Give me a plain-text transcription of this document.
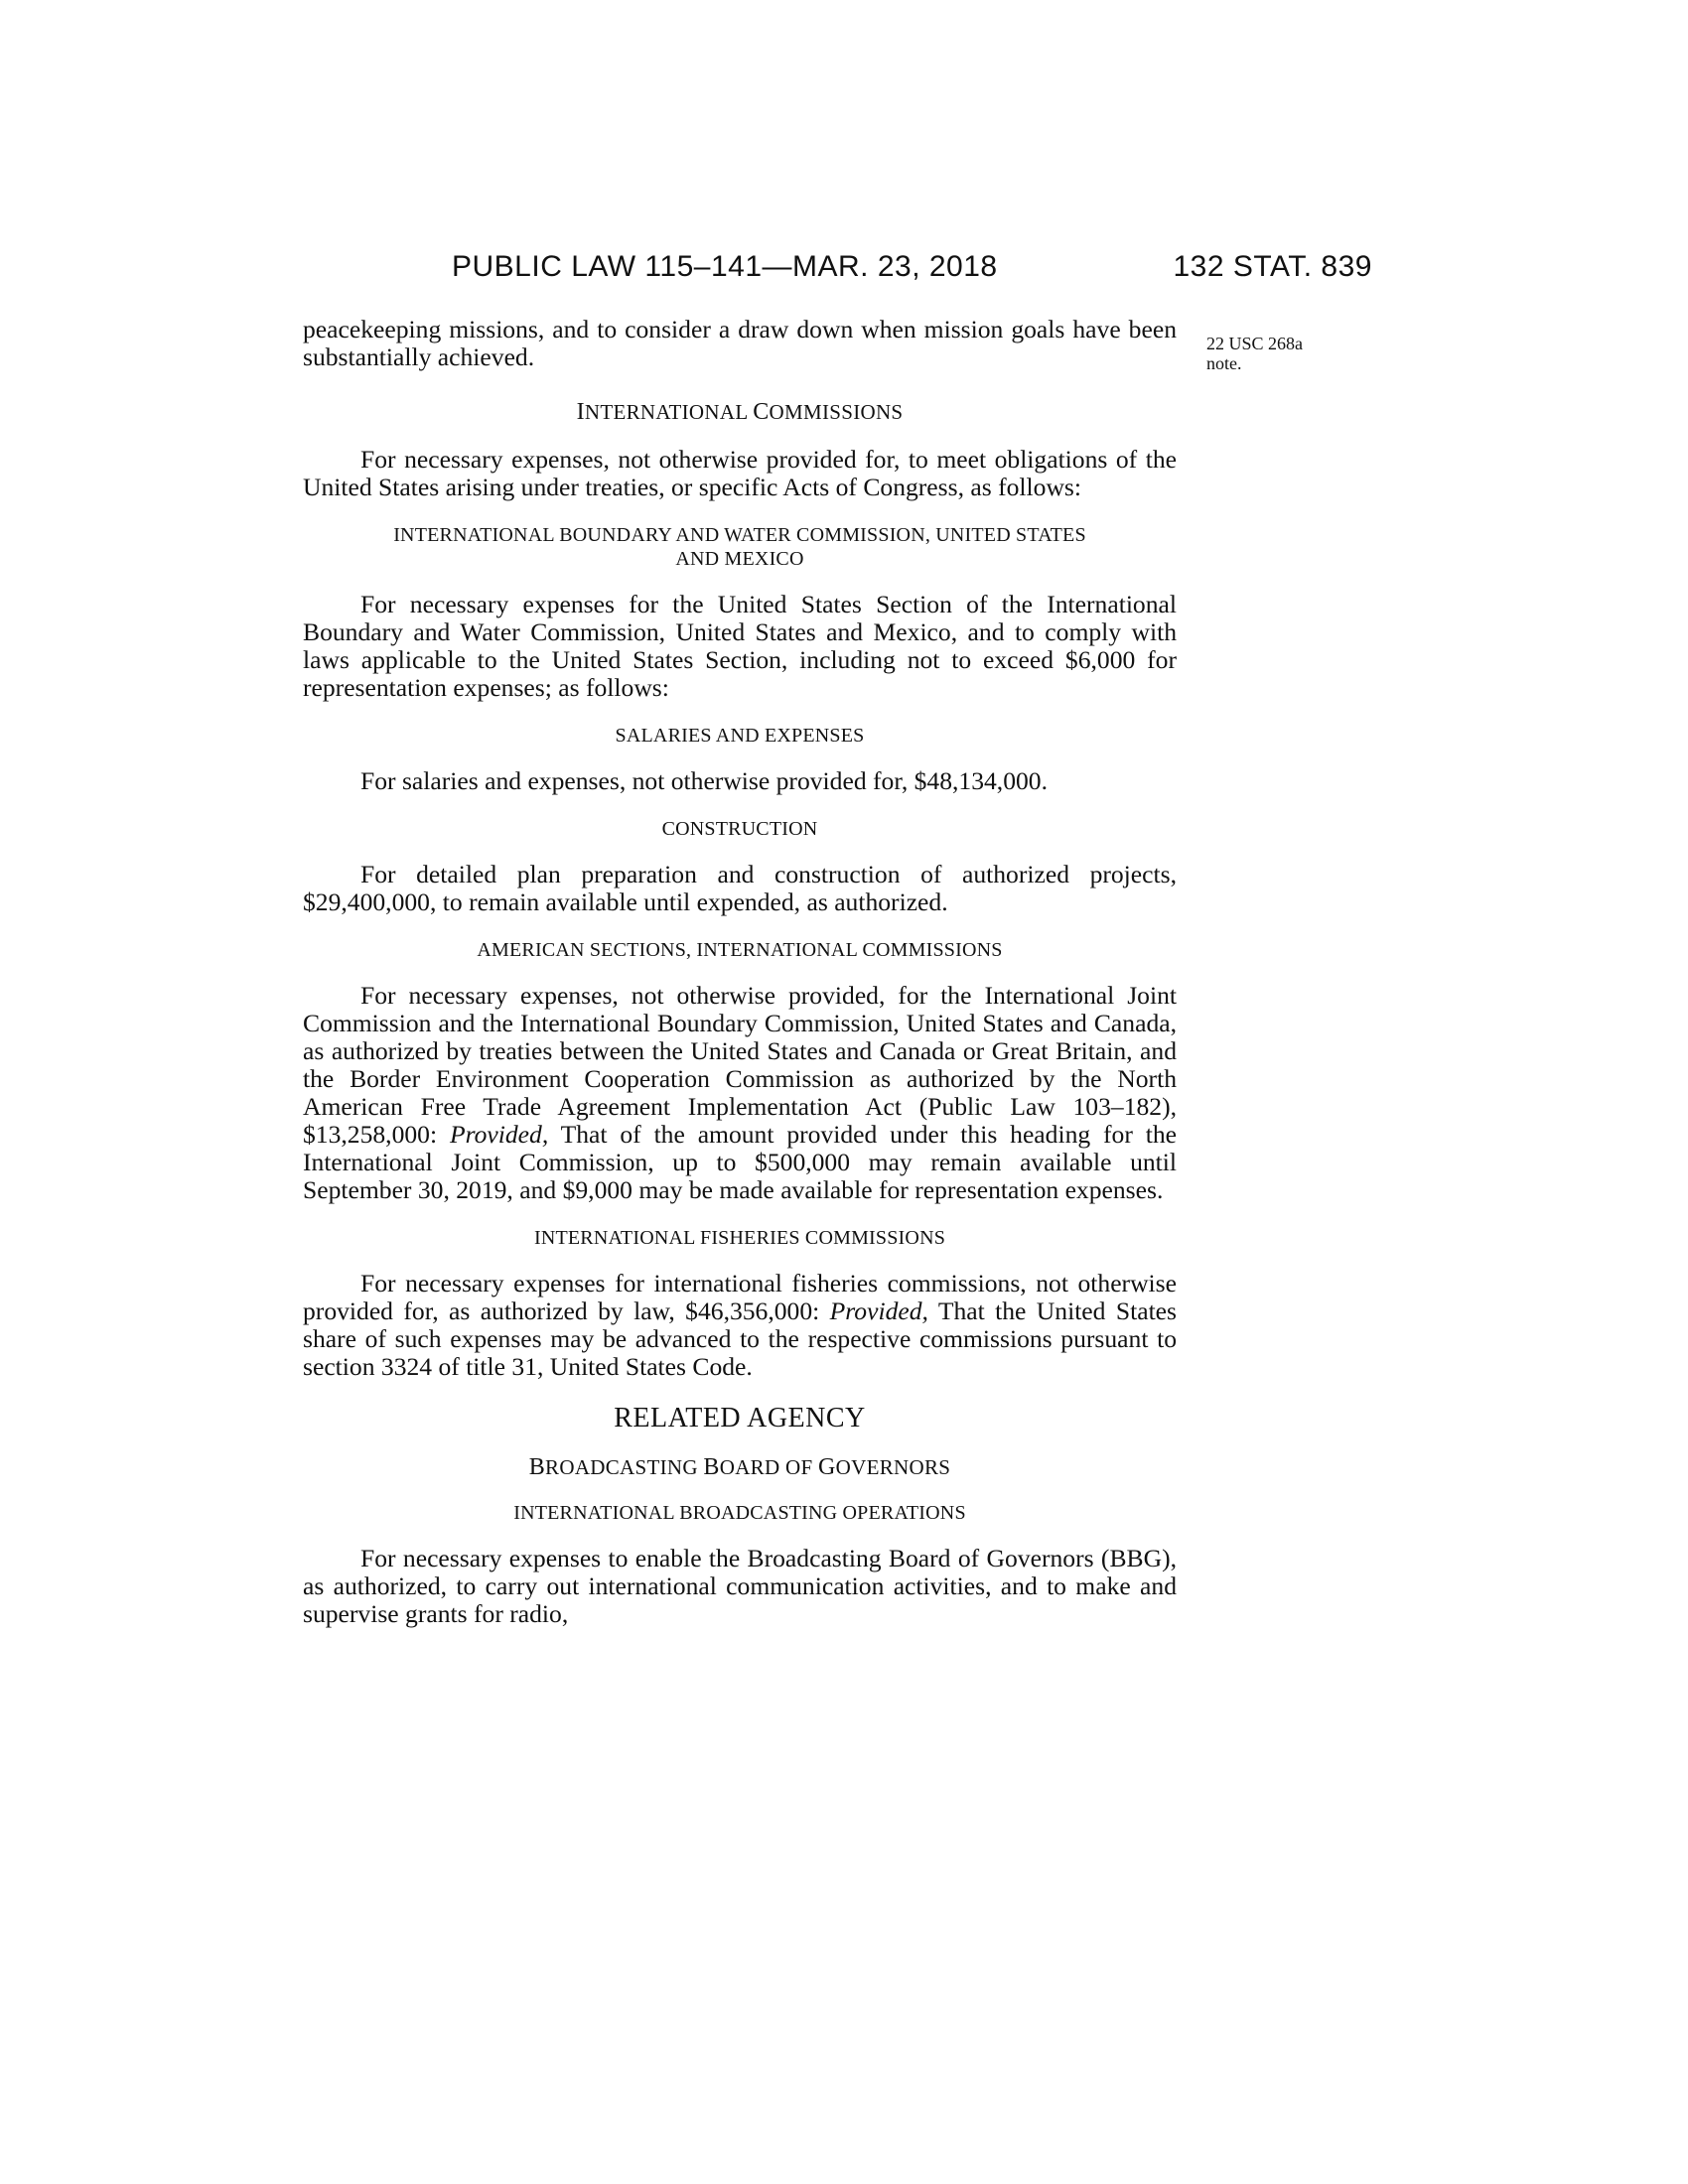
PUBLIC LAW 115–141—MAR. 23, 2018	132 STAT. 839
22 USC 268a
note.

peacekeeping missions, and to consider a draw down when mission goals have been substantially achieved.

INTERNATIONAL COMMISSIONS

For necessary expenses, not otherwise provided for, to meet obligations of the United States arising under treaties, or specific Acts of Congress, as follows:

INTERNATIONAL BOUNDARY AND WATER COMMISSION, UNITED STATES
AND MEXICO

For necessary expenses for the United States Section of the International Boundary and Water Commission, United States and Mexico, and to comply with laws applicable to the United States Section, including not to exceed $6,000 for representation expenses; as follows:

SALARIES AND EXPENSES

For salaries and expenses, not otherwise provided for, $48,134,000.

CONSTRUCTION

For detailed plan preparation and construction of authorized projects, $29,400,000, to remain available until expended, as authorized.

AMERICAN SECTIONS, INTERNATIONAL COMMISSIONS

For necessary expenses, not otherwise provided, for the International Joint Commission and the International Boundary Commission, United States and Canada, as authorized by treaties between the United States and Canada or Great Britain, and the Border Environment Cooperation Commission as authorized by the North American Free Trade Agreement Implementation Act (Public Law 103–182), $13,258,000: Provided, That of the amount provided under this heading for the International Joint Commission, up to $500,000 may remain available until September 30, 2019, and $9,000 may be made available for representation expenses.

INTERNATIONAL FISHERIES COMMISSIONS

For necessary expenses for international fisheries commissions, not otherwise provided for, as authorized by law, $46,356,000: Provided, That the United States share of such expenses may be advanced to the respective commissions pursuant to section 3324 of title 31, United States Code.

RELATED AGENCY
BROADCASTING BOARD OF GOVERNORS
INTERNATIONAL BROADCASTING OPERATIONS

For necessary expenses to enable the Broadcasting Board of Governors (BBG), as authorized, to carry out international communication activities, and to make and supervise grants for radio,
